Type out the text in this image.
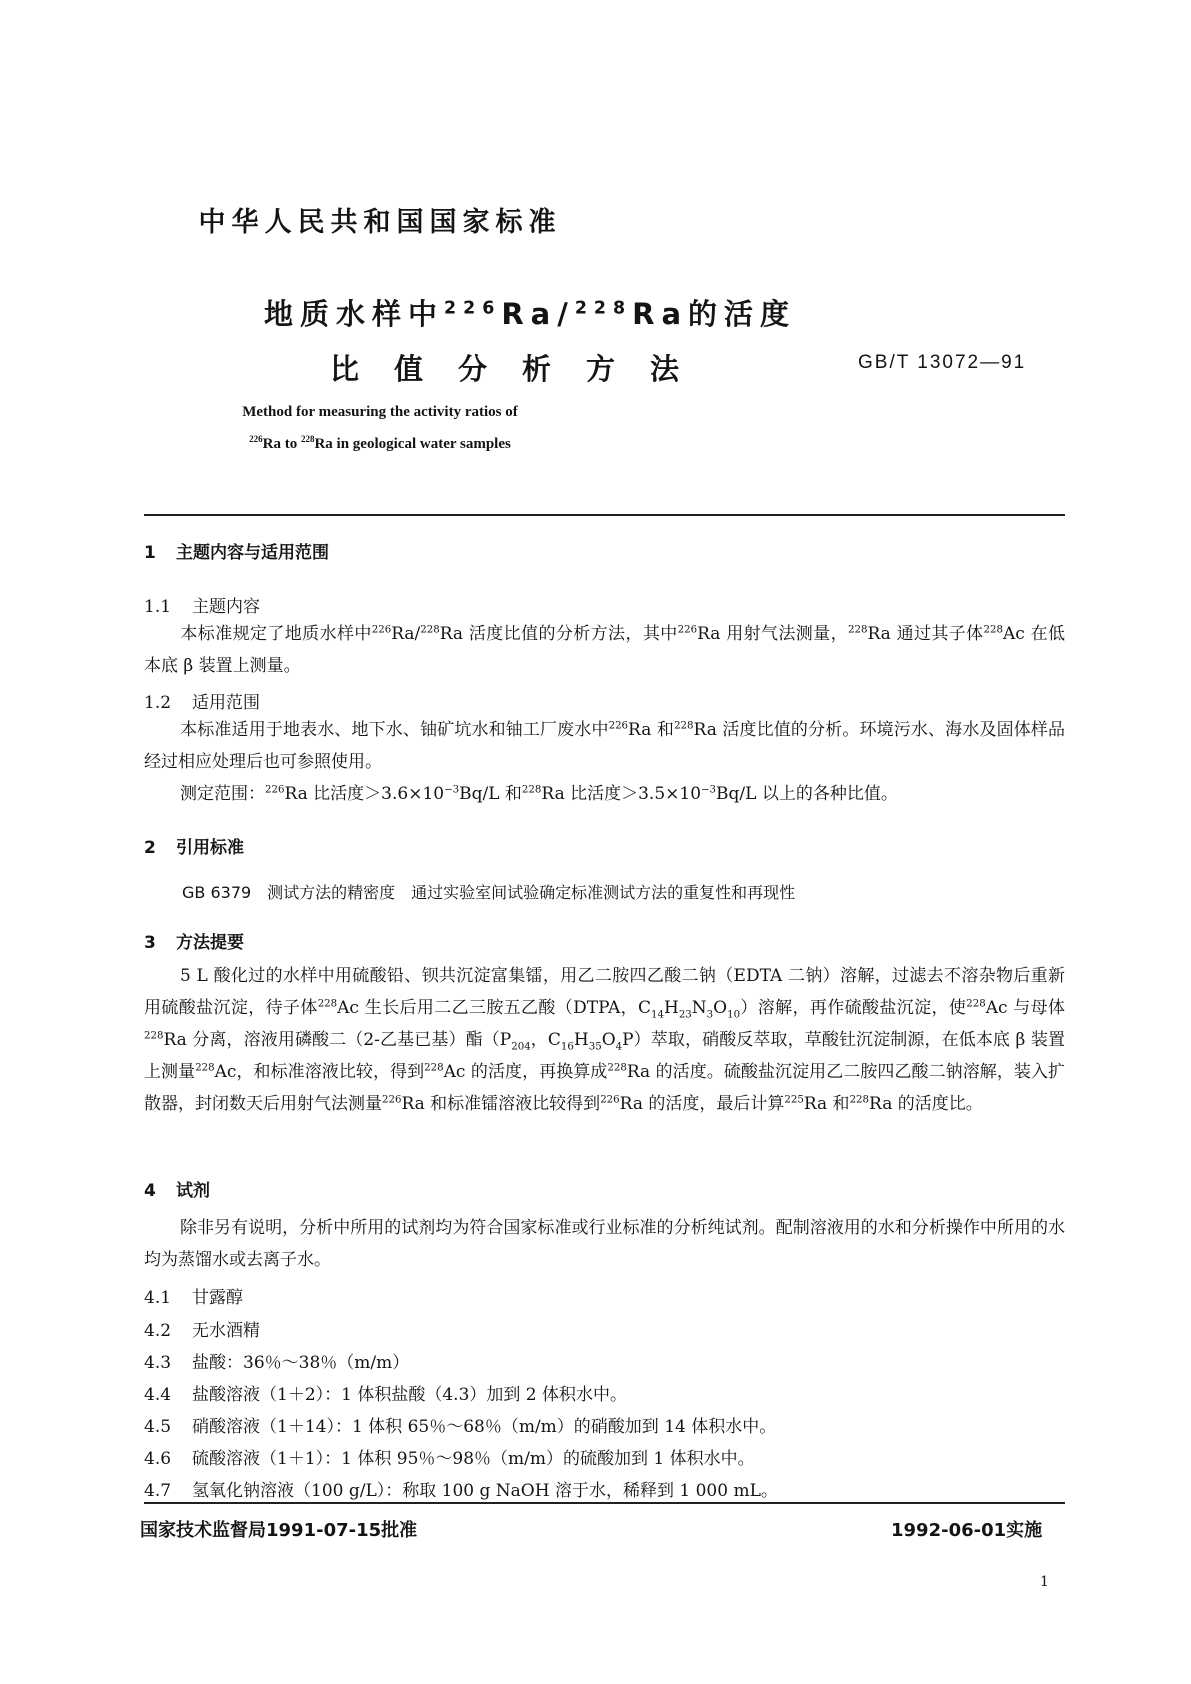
中华人民共和国国家标准
地质水样中$^{226}$Ra/$^{228}$Ra的活度
比值分析方法	GB/T 13072—91
Method for measuring the activity ratios of
$^{226}$Ra to $^{228}$Ra in geological water samples
1 主题内容与适用范围
1.1 主题内容
本标准规定了地质水样中$^{226}$Ra/$^{228}$Ra 活度比值的分析方法，其中$^{226}$Ra 用射气法测量，$^{228}$Ra 通过其子体$^{228}$Ac 在低本底 β 装置上测量。
1.2 适用范围
本标准适用于地表水、地下水、铀矿坑水和铀工厂废水中$^{226}$Ra 和$^{228}$Ra 活度比值的分析。环境污水、海水及固体样品经过相应处理后也可参照使用。
测定范围：$^{226}$Ra 比活度$>3.6\times 10^{-3}Bq/L$ 和$^{228}$Ra 比活度$>3.5\times 10^{-3}Bq/L$ 以上的各种比值。
2 引用标准
GB 6379　测试方法的精密度　通过实验室间试验确定标准测试方法的重复性和再现性
3 方法提要
5 L 酸化过的水样中用硫酸铅、钡共沉淀富集镭，用乙二胺四乙酸二钠（EDTA 二钠）溶解，过滤去不溶杂物后重新用硫酸盐沉淀，待子体$^{228}$Ac 生长后用二乙三胺五乙酸（DTPA，$C_{14}H_{23}N_3O_{10}$）溶解，再作硫酸盐沉淀，使$^{228}$Ac 与母体$^{228}$Ra 分离，溶液用磷酸二（2-乙基已基）酯（$P_{204}$，$C_{16}H_{35}O_4P$）萃取，硝酸反萃取，草酸钍沉淀制源，在低本底 β 装置上测量$^{228}$Ac，和标准溶液比较，得到$^{228}$Ac 的活度，再换算成$^{228}$Ra 的活度。硫酸盐沉淀用乙二胺四乙酸二钠溶解，装入扩散器，封闭数天后用射气法测量$^{226}$Ra 和标准镭溶液比较得到$^{226}$Ra 的活度，最后计算$^{225}$Ra 和$^{228}$Ra 的活度比。
4 试剂
除非另有说明，分析中所用的试剂均为符合国家标准或行业标准的分析纯试剂。配制溶液用的水和分析操作中所用的水均为蒸馏水或去离子水。
4.1 甘露醇
4.2 无水酒精
4.3 盐酸：36％～38％（m/m）
4.4 盐酸溶液（1＋2）：1 体积盐酸（4.3）加到 2 体积水中。
4.5 硝酸溶液（1＋14）：1 体积 65％～68％（m/m）的硝酸加到 14 体积水中。
4.6 硫酸溶液（1＋1）：1 体积 95％～98％（m/m）的硫酸加到 1 体积水中。
4.7 氢氧化钠溶液（100 g/L）：称取 100 g NaOH 溶于水，稀释到 1 000 mL。
国家技术监督局1991-07-15批准	1992-06-01实施
1
